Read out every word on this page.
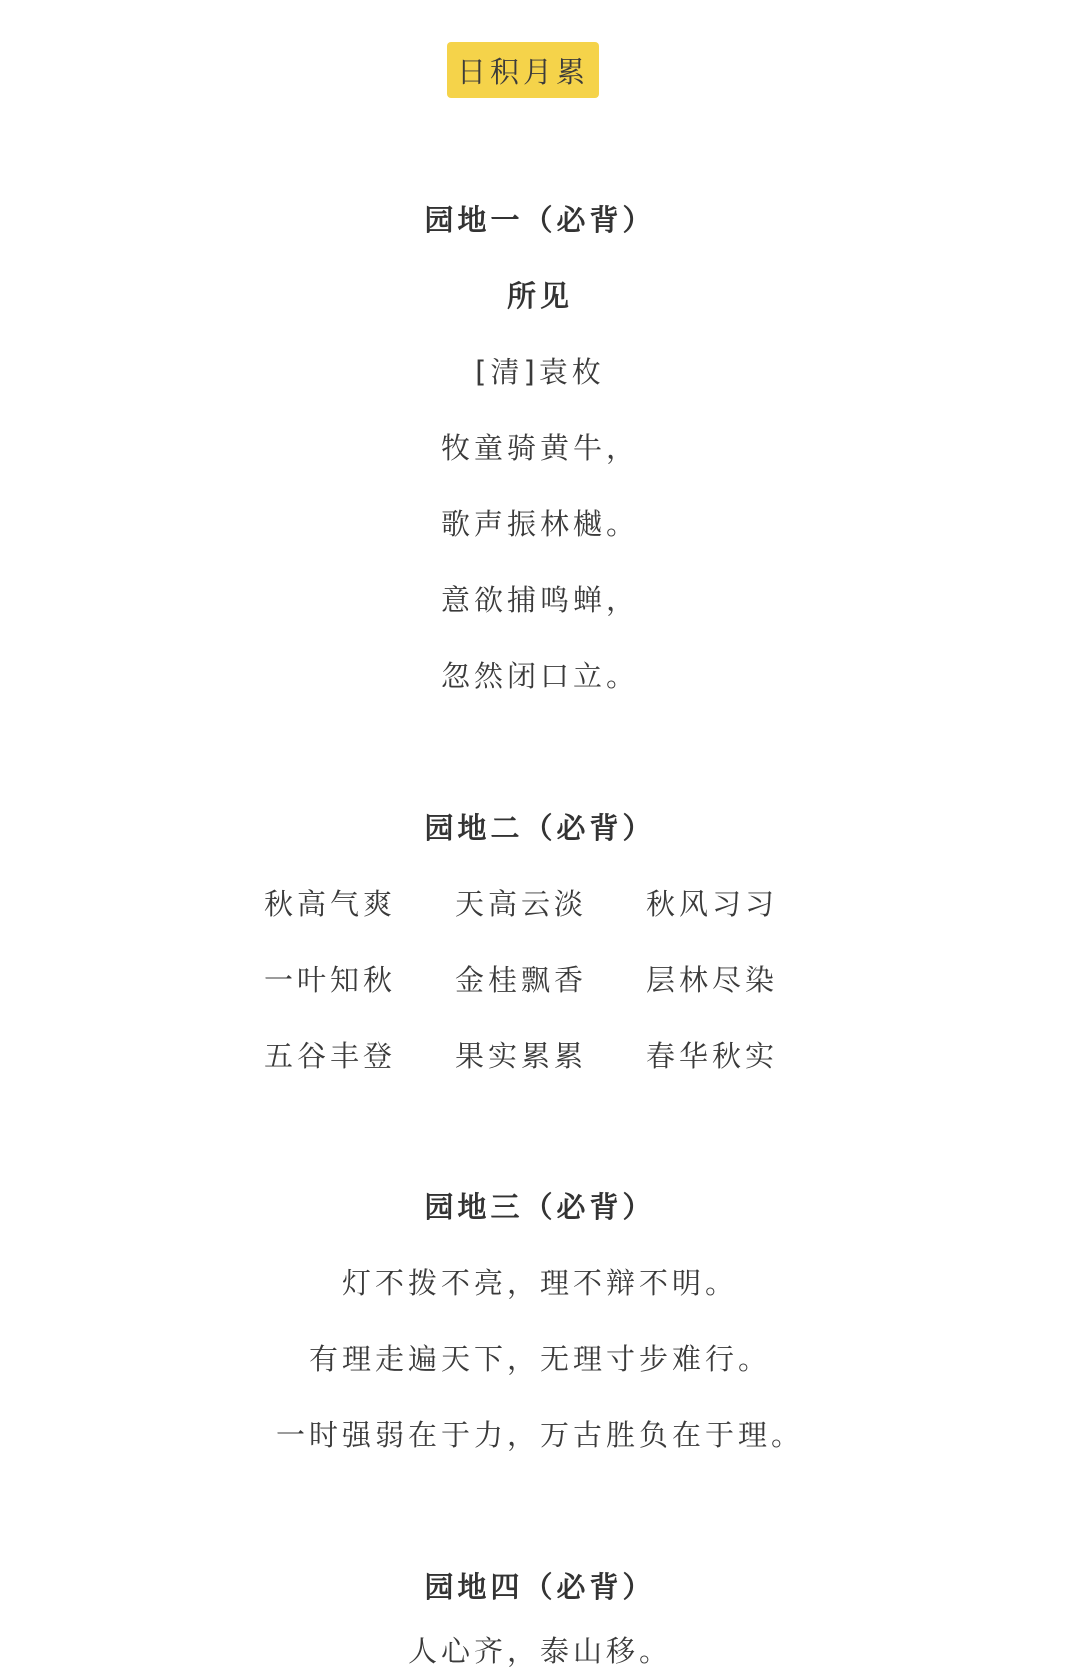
日积月累
园地一（必背）
所见
[清]袁枚
牧童骑黄牛，
歌声振林樾。
意欲捕鸣蝉，
忽然闭口立。
园地二（必背）
秋高气爽	天高云淡	秋风习习
一叶知秋	金桂飘香	层林尽染
五谷丰登	果实累累	春华秋实
园地三（必背）
灯不拨不亮，理不辩不明。
有理走遍天下，无理寸步难行。
一时强弱在于力，万古胜负在于理。
园地四（必背）
人心齐，泰山移。
